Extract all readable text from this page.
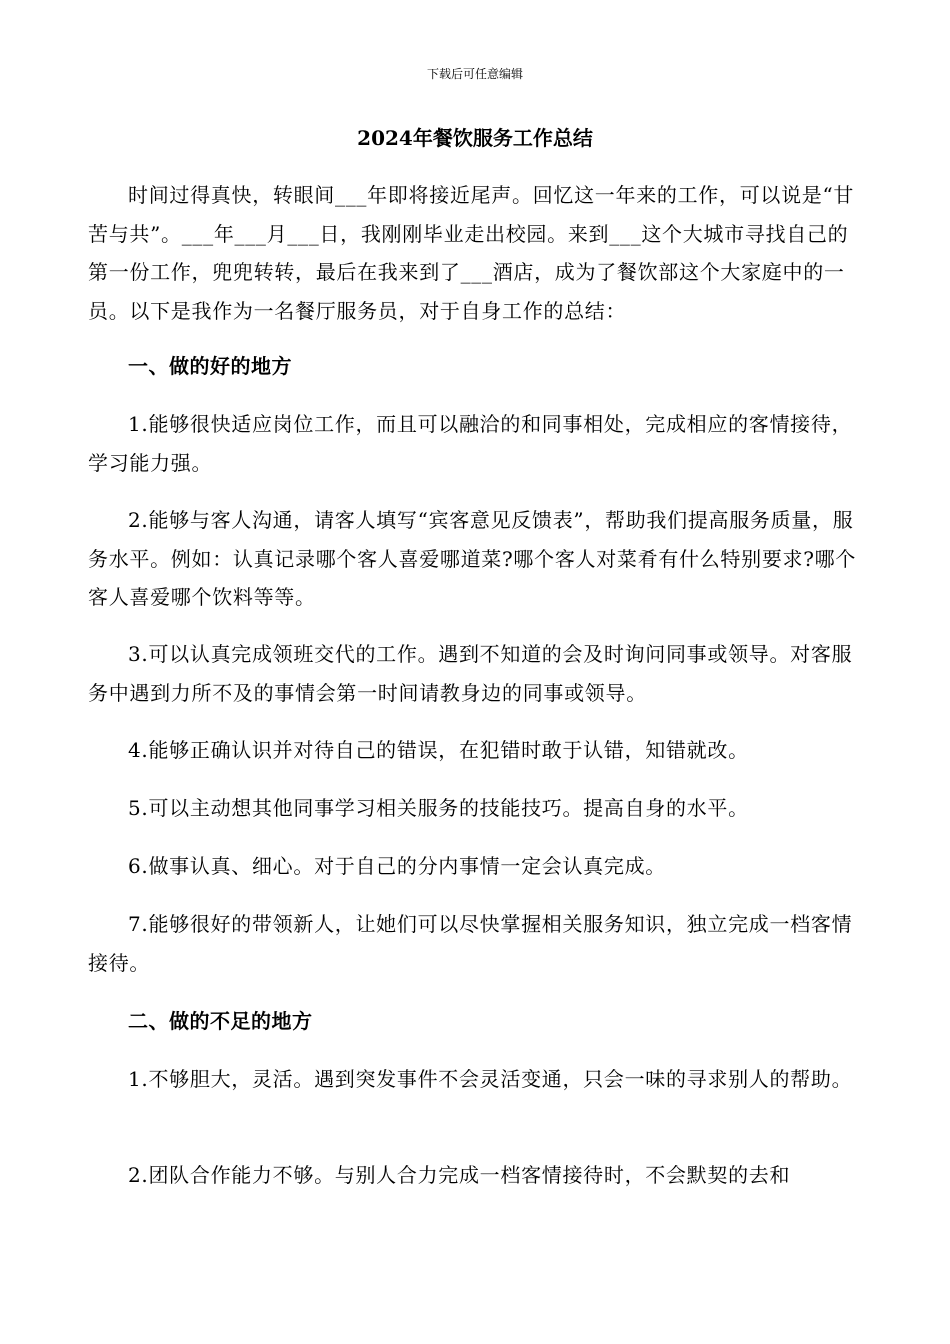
下载后可任意编辑
2024年餐饮服务工作总结

时间过得真快，转眼间___年即将接近尾声。回忆这一年来的工作，可以说是“甘苦与共”。___年___月___日，我刚刚毕业走出校园。来到___这个大城市寻找自己的第一份工作，兜兜转转，最后在我来到了___酒店，成为了餐饮部这个大家庭中的一员。以下是我作为一名餐厅服务员，对于自身工作的总结：

一、做的好的地方

1.能够很快适应岗位工作，而且可以融洽的和同事相处，完成相应的客情接待，学习能力强。

2.能够与客人沟通，请客人填写“宾客意见反馈表”，帮助我们提高服务质量，服务水平。例如：认真记录哪个客人喜爱哪道菜?哪个客人对菜肴有什么特别要求?哪个客人喜爱哪个饮料等等。

3.可以认真完成领班交代的工作。遇到不知道的会及时询问同事或领导。对客服务中遇到力所不及的事情会第一时间请教身边的同事或领导。

4.能够正确认识并对待自己的错误，在犯错时敢于认错，知错就改。

5.可以主动想其他同事学习相关服务的技能技巧。提高自身的水平。

6.做事认真、细心。对于自己的分内事情一定会认真完成。

7.能够很好的带领新人，让她们可以尽快掌握相关服务知识，独立完成一档客情接待。

二、做的不足的地方

1.不够胆大，灵活。遇到突发事件不会灵活变通，只会一味的寻求别人的帮助。

2.团队合作能力不够。与别人合力完成一档客情接待时，不会默契的去和
